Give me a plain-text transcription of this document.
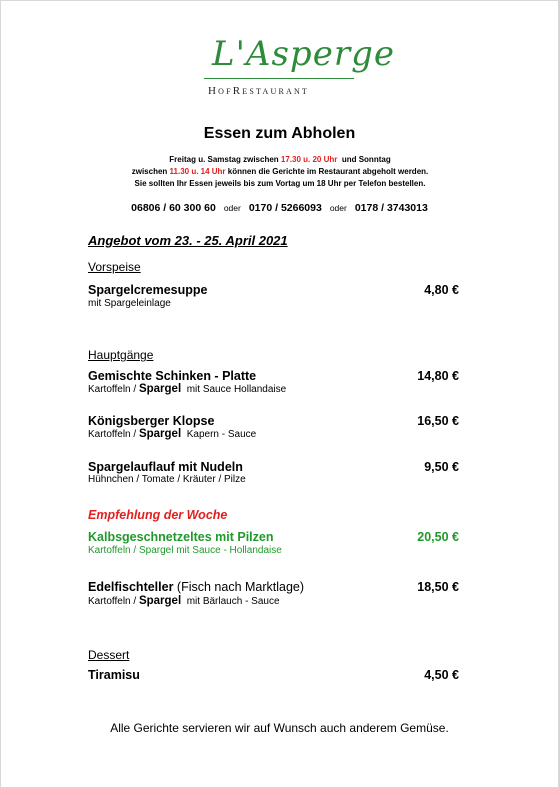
L'Asperge
HofRestaurant
Essen zum Abholen
Freitag u. Samstag zwischen 17.30 u. 20 Uhr  und Sonntag
zwischen 11.30 u. 14 Uhr können die Gerichte im Restaurant abgeholt werden.
Sie sollten Ihr Essen jeweils bis zum Vortag um 18 Uhr per Telefon bestellen.
06806 / 60 300 60 oder 0170 / 5266093 oder 0178 / 3743013
Angebot vom 23. - 25. April 2021
Vorspeise
Spargelcremesuppe	4,80 €
mit Spargeleinlage
Hauptgänge
Gemischte Schinken - Platte	14,80 €
Kartoffeln / Spargel  mit Sauce Hollandaise
Königsberger Klopse	16,50 €
Kartoffeln / Spargel  Kapern - Sauce
Spargelauflauf mit Nudeln	9,50 €
Hühnchen / Tomate / Kräuter / Pilze
Empfehlung der Woche
Kalbsgeschnetzeltes mit Pilzen	20,50 €
Kartoffeln / Spargel mit Sauce - Hollandaise
Edelfischteller (Fisch nach Marktlage)	18,50 €
Kartoffeln / Spargel  mit Bärlauch - Sauce
Dessert
Tiramisu	4,50 €
Alle Gerichte servieren wir auf Wunsch auch anderem Gemüse.
